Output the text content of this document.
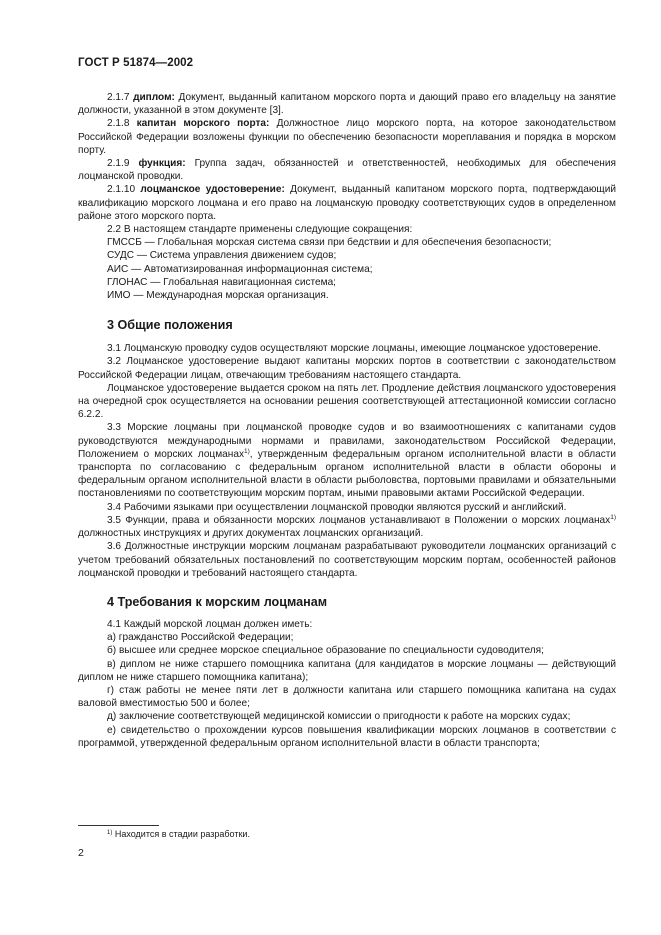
ГОСТ Р 51874—2002

2.1.7 диплом: Документ, выданный капитаном морского порта и дающий право его владельцу на занятие должности, указанной в этом документе [3].

2.1.8 капитан морского порта: Должностное лицо морского порта, на которое законодательством Российской Федерации возложены функции по обеспечению безопасности мореплавания и порядка в морском порту.

2.1.9 функция: Группа задач, обязанностей и ответственностей, необходимых для обеспечения лоцманской проводки.

2.1.10 лоцманское удостоверение: Документ, выданный капитаном морского порта, подтверждающий квалификацию морского лоцмана и его право на лоцманскую проводку соответствующих судов в определенном районе этого морского порта.

2.2 В настоящем стандарте применены следующие сокращения:

ГМССБ — Глобальная морская система связи при бедствии и для обеспечения безопасности;

СУДС — Система управления движением судов;

АИС — Автоматизированная информационная система;

ГЛОНАС — Глобальная навигационная система;

ИМО — Международная морская организация.

3 Общие положения

3.1 Лоцманскую проводку судов осуществляют морские лоцманы, имеющие лоцманское удостоверение.

3.2 Лоцманское удостоверение выдают капитаны морских портов в соответствии с законодательством Российской Федерации лицам, отвечающим требованиям настоящего стандарта.

Лоцманское удостоверение выдается сроком на пять лет. Продление действия лоцманского удостоверения на очередной срок осуществляется на основании решения соответствующей аттестационной комиссии согласно 6.2.2.

3.3 Морские лоцманы при лоцманской проводке судов и во взаимоотношениях с капитанами судов руководствуются международными нормами и правилами, законодательством Российской Федерации, Положением о морских лоцманах$^{1)}$, утвержденным федеральным органом исполнительной власти в области транспорта по согласованию с федеральным органом исполнительной власти в области обороны и федеральным органом исполнительной власти в области рыболовства, портовыми правилами и обязательными постановлениями по соответствующим морским портам, иными правовыми актами Российской Федерации.

3.4 Рабочими языками при осуществлении лоцманской проводки являются русский и английский.

3.5 Функции, права и обязанности морских лоцманов устанавливают в Положении о морских лоцманах$^{1)}$ должностных инструкциях и других документах лоцманских организаций.

3.6 Должностные инструкции морским лоцманам разрабатывают руководители лоцманских организаций с учетом требований обязательных постановлений по соответствующим морским портам, особенностей районов лоцманской проводки и требований настоящего стандарта.

4 Требования к морским лоцманам

4.1 Каждый морской лоцман должен иметь:

а) гражданство Российской Федерации;

б) высшее или среднее морское специальное образование по специальности судоводителя;

в) диплом не ниже старшего помощника капитана (для кандидатов в морские лоцманы — действующий диплом не ниже старшего помощника капитана);

г) стаж работы не менее пяти лет в должности капитана или старшего помощника капитана на судах валовой вместимостью 500 и более;

д) заключение соответствующей медицинской комиссии о пригодности к работе на морских судах;

е) свидетельство о прохождении курсов повышения квалификации морских лоцманов в соответствии с программой, утвержденной федеральным органом исполнительной власти в области транспорта;

$^{1)}$ Находится в стадии разработки.
2
